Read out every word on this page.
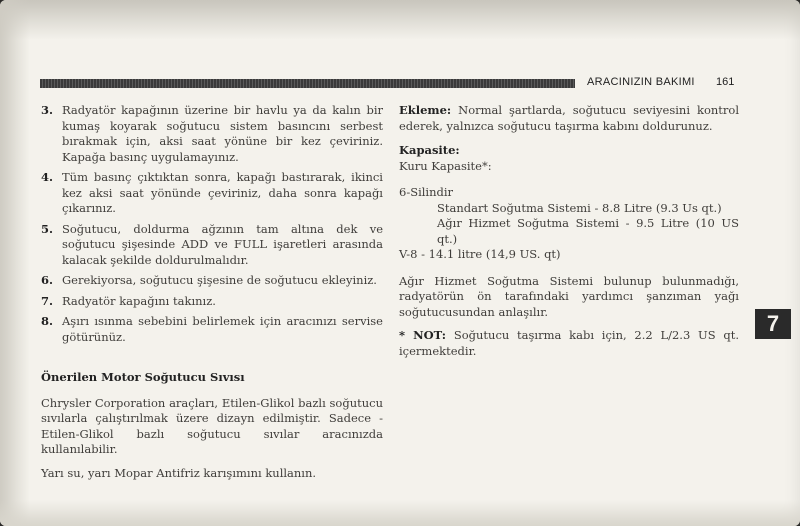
ARACINIZIN BAKIMI 161
3. Radyatör kapağının üzerine bir havlu ya da kalın bir kumaş koyarak soğutucu sistem basıncını serbest bırakmak için, aksi saat yönüne bir kez çeviriniz. Kapağa basınç uygulamayınız.
4. Tüm basınç çıktıktan sonra, kapağı bastırarak, ikinci kez aksi saat yönünde çeviriniz, daha sonra kapağı çıkarınız.
5. Soğutucu, doldurma ağzının tam altına dek ve soğutucu şişesinde ADD ve FULL işaretleri arasında kalacak şekilde doldurulmalıdır.
6. Gerekiyorsa, soğutucu şişesine de soğutucu ekleyiniz.
7. Radyatör kapağını takınız.
8. Aşırı ısınma sebebini belirlemek için aracınızı servise götürünüz.

Önerilen Motor Soğutucu Sıvısı

Chrysler Corporation araçları, Etilen-Glikol bazlı soğutucu sıvılarla çalıştırılmak üzere dizayn edilmiştir. Sadece - Etilen-Glikol bazlı soğutucu sıvılar aracınızda kullanılabilir.

Yarı su, yarı Mopar Antifriz karışımını kullanın.

Ekleme: Normal şartlarda, soğutucu seviyesini kontrol ederek, yalnızca soğutucu taşırma kabını doldurunuz.

Kapasite:

Kuru Kapasite*:

6-Silindir

Standart Soğutma Sistemi - 8.8 Litre (9.3 Us qt.)

Ağır Hizmet Soğutma Sistemi - 9.5 Litre (10 US qt.)

V-8 - 14.1 litre (14,9 US. qt)

Ağır Hizmet Soğutma Sistemi bulunup bulunmadığı, radyatörün ön tarafındaki yardımcı şanzıman yağı soğutucusundan anlaşılır.

* NOT: Soğutucu taşırma kabı için, 2.2 L/2.3 US qt. içermektedir.

7
